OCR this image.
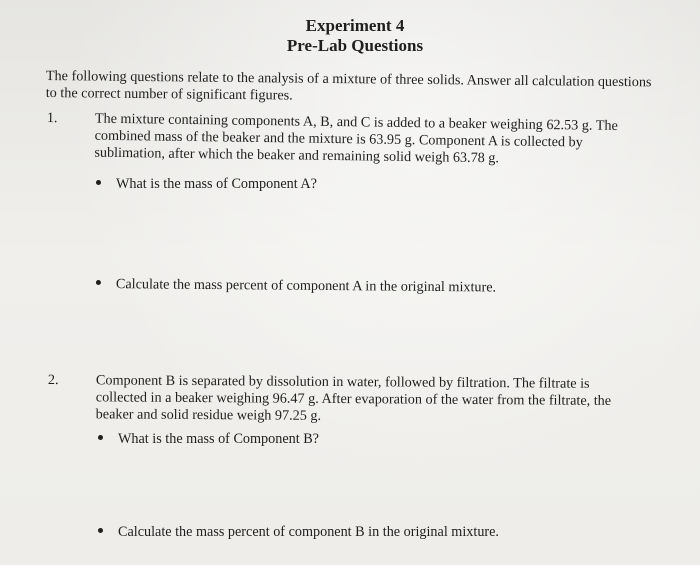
Experiment 4
Pre-Lab Questions
The following questions relate to the analysis of a mixture of three solids. Answer all calculation questions to the correct number of significant figures.
1.	The mixture containing components A, B, and C is added to a beaker weighing 62.53 g. The combined mass of the beaker and the mixture is 63.95 g. Component A is collected by sublimation, after which the beaker and remaining solid weigh 63.78 g.
What is the mass of Component A?
Calculate the mass percent of component A in the original mixture.
2.	Component B is separated by dissolution in water, followed by filtration. The filtrate is collected in a beaker weighing 96.47 g. After evaporation of the water from the filtrate, the beaker and solid residue weigh 97.25 g.
What is the mass of Component B?
Calculate the mass percent of component B in the original mixture.
